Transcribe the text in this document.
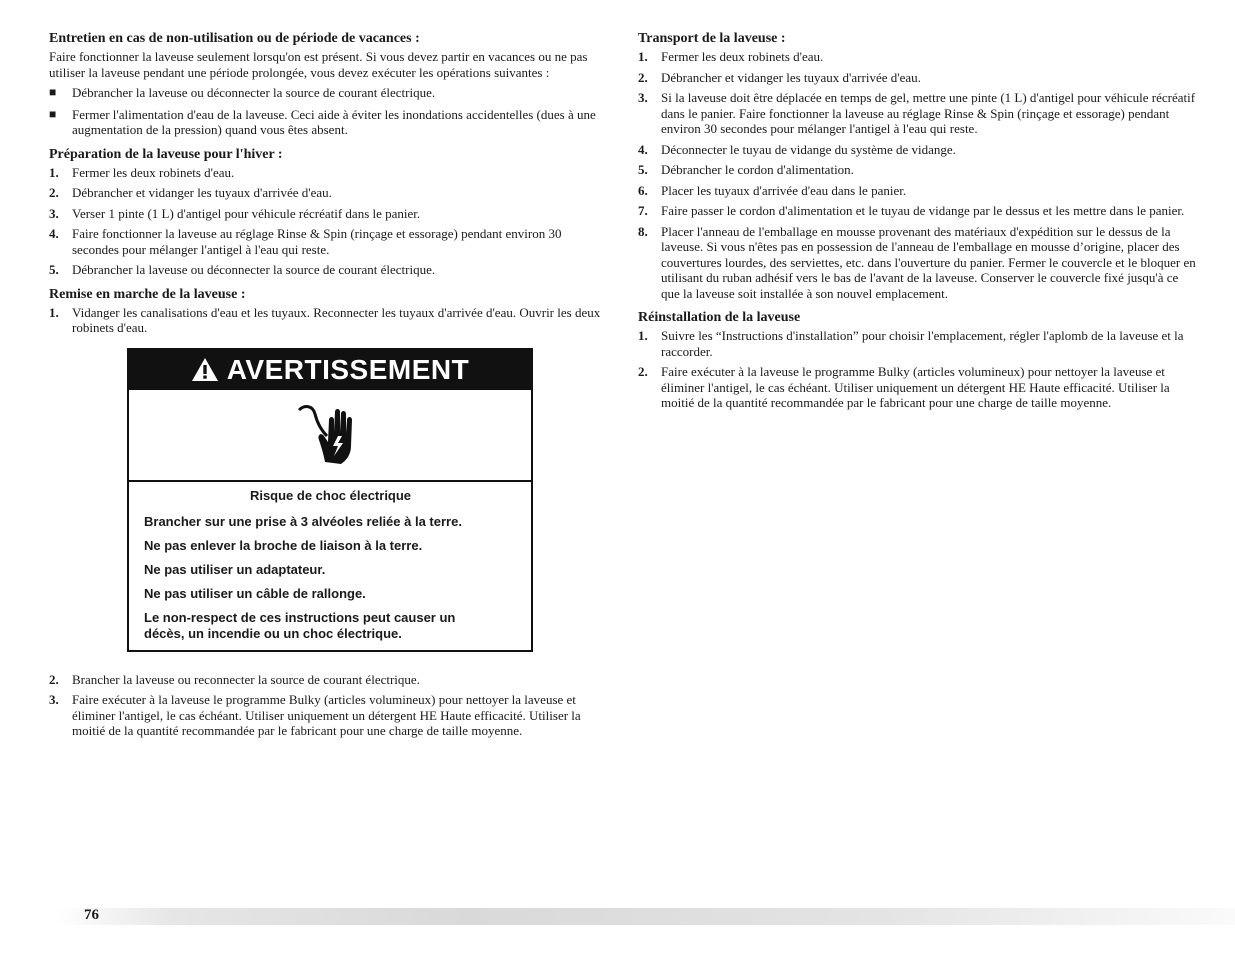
Entretien en cas de non-utilisation ou de période de vacances :

Faire fonctionner la laveuse seulement lorsqu'on est présent. Si vous devez partir en vacances ou ne pas utiliser la laveuse pendant une période prolongée, vous devez exécuter les opérations suivantes :

■ Débrancher la laveuse ou déconnecter la source de courant électrique.
■ Fermer l'alimentation d'eau de la laveuse. Ceci aide à éviter les inondations accidentelles (dues à une augmentation de la pression) quand vous êtes absent.
Préparation de la laveuse pour l'hiver :
1. Fermer les deux robinets d'eau.
2. Débrancher et vidanger les tuyaux d'arrivée d'eau.
3. Verser 1 pinte (1 L) d'antigel pour véhicule récréatif dans le panier.
4. Faire fonctionner la laveuse au réglage Rinse & Spin (rinçage et essorage) pendant environ 30 secondes pour mélanger l'antigel à l'eau qui reste.
5. Débrancher la laveuse ou déconnecter la source de courant électrique.
Remise en marche de la laveuse :
1. Vidanger les canalisations d'eau et les tuyaux. Reconnecter les tuyaux d'arrivée d'eau. Ouvrir les deux robinets d'eau.
AVERTISSEMENT
Risque de choc électrique
Brancher sur une prise à 3 alvéoles reliée à la terre.
Ne pas enlever la broche de liaison à la terre.
Ne pas utiliser un adaptateur.
Ne pas utiliser un câble de rallonge.
Le non-respect de ces instructions peut causer un décès, un incendie ou un choc électrique.
2. Brancher la laveuse ou reconnecter la source de courant électrique.
3. Faire exécuter à la laveuse le programme Bulky (articles volumineux) pour nettoyer la laveuse et éliminer l'antigel, le cas échéant. Utiliser uniquement un détergent HE Haute efficacité. Utiliser la moitié de la quantité recommandée par le fabricant pour une charge de taille moyenne.
Transport de la laveuse :
1. Fermer les deux robinets d'eau.
2. Débrancher et vidanger les tuyaux d'arrivée d'eau.
3. Si la laveuse doit être déplacée en temps de gel, mettre une pinte (1 L) d'antigel pour véhicule récréatif dans le panier. Faire fonctionner la laveuse au réglage Rinse & Spin (rinçage et essorage) pendant environ 30 secondes pour mélanger l'antigel à l'eau qui reste.
4. Déconnecter le tuyau de vidange du système de vidange.
5. Débrancher le cordon d'alimentation.
6. Placer les tuyaux d'arrivée d'eau dans le panier.
7. Faire passer le cordon d'alimentation et le tuyau de vidange par le dessus et les mettre dans le panier.
8. Placer l'anneau de l'emballage en mousse provenant des matériaux d'expédition sur le dessus de la laveuse. Si vous n'êtes pas en possession de l'anneau de l'emballage en mousse d’origine, placer des couvertures lourdes, des serviettes, etc. dans l'ouverture du panier. Fermer le couvercle et le bloquer en utilisant du ruban adhésif vers le bas de l'avant de la laveuse. Conserver le couvercle fixé jusqu'à ce que la laveuse soit installée à son nouvel emplacement.
Réinstallation de la laveuse
1. Suivre les “Instructions d'installation” pour choisir l'emplacement, régler l'aplomb de la laveuse et la raccorder.
2. Faire exécuter à la laveuse le programme Bulky (articles volumineux) pour nettoyer la laveuse et éliminer l'antigel, le cas échéant. Utiliser uniquement un détergent HE Haute efficacité. Utiliser la moitié de la quantité recommandée par le fabricant pour une charge de taille moyenne.
76
